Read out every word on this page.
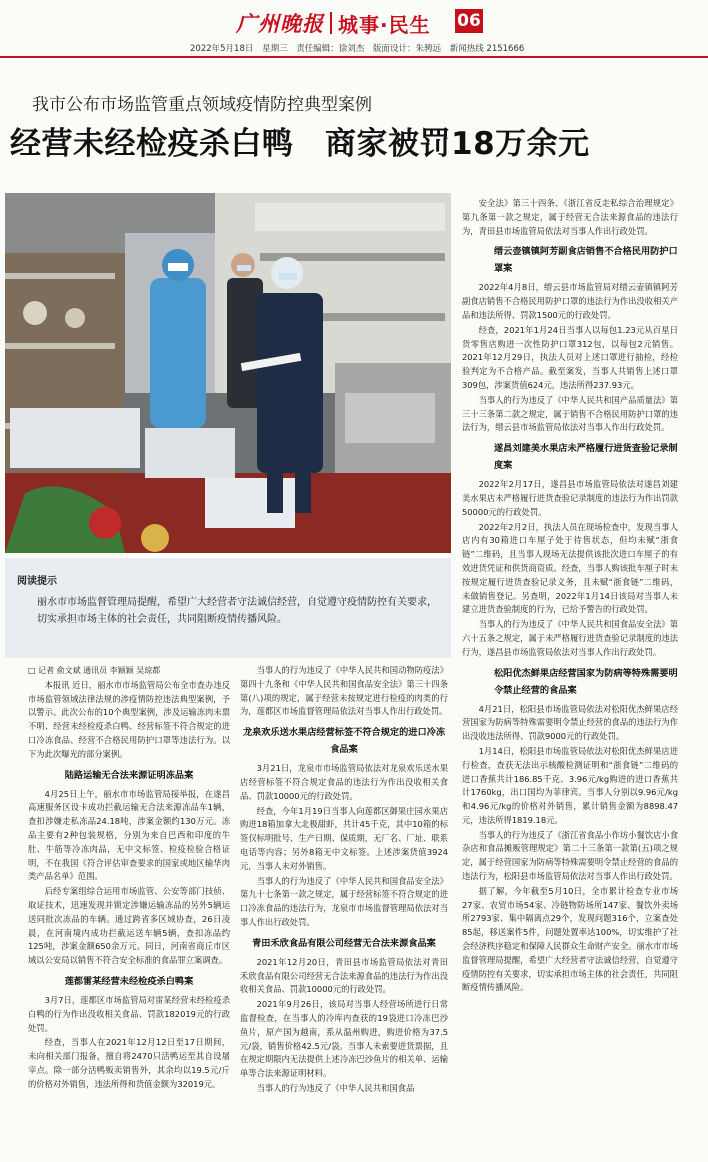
广州晚报 城事·民生 06
2022年5月18日 星期三 责任编辑：徐刘杰 版面设计：朱骋远 新闻热线 2151666
我市公布市场监管重点领域疫情防控典型案例
经营未经检疫杀白鸭　商家被罚18万余元
阅读提示
丽水市市场监督管理局提醒，希望广大经营者守法诚信经营，自觉遵守疫情防控有关要求，切实承担市场主体的社会责任，共同阻断疫情传播风险。

□ 记者 俞文斌 通讯员 李颖颖 吴琼都

本报讯 近日，丽水市市场监管局公布全市查办违反市场监管领域法律法规的涉疫情防控违法典型案例，予以警示。此次公布的10个典型案例，涉及运输冻肉未票不明、经营未经检疫杀白鸭、经营标签不符合规定的进口冷冻食品、经营不合格民用防护口罩等违法行为。以下为此次曝光的部分案例。

陆路运输无合法来源证明冻品案

4月25日上午，丽水市市场监管局接举报，在遂昌高速服务区设卡成功拦截运输无合法来源冻品车1辆，查扣涉嫌走私冻品24.18吨，涉案金额约130万元。冻品主要有2种包装规格，分别为来自巴西和印度的牛肚、牛筋等冷冻肉品，无中文标签、检疫检验合格证明，不在我国《符合评估审查要求的国家或地区输华肉类产品名单》范围。

后经专案组综合运用市场监管、公安等部门技侦、取证技术，迅速发现并锁定涉嫌运输冻品的另外5辆运送同批次冻品的车辆。通过跨省多区域协查，26日凌晨，在河南境内成功拦截运送车辆5辆，查扣冻品约125吨，涉案金额650余万元。同日，河南省商丘市区域以公安局以销售不符合安全标准的食品罪立案调查。

莲都雷某经营未经检疫杀白鸭案

3月7日，莲都区市场监管局对雷某经营未经检疫杀白鸭的行为作出没收相关食品、罚款182019元的行政处罚。

经查，当事人在2021年12月12日至17日期间，未向相关部门报备，擅自将2470只活鸭运至其自设屠宰点。除一部分活鸭贩卖销售外，其余均以19.5元/斤的价格对外销售，违法所得和货值金额为32019元。

当事人的行为违反了《中华人民共和国动物防疫法》第四十九条和《中华人民共和国食品安全法》第三十四条第(八)项的规定，属于经营未按规定进行检疫的肉类的行为，莲都区市场监督管理局依法对当事人作出行政处罚。

龙泉欢乐送水果店经营标签不符合规定的进口冷冻食品案

3月21日，龙泉市市场监管局依法对龙泉欢乐送水果店经营标签不符合规定食品的违法行为作出没收相关食品、罚款10000元的行政处罚。

经查，今年1月19日当事人向莲都区御果庄园水果店购进18箱加拿大北极甜虾，共计45千克，其中10箱的标签仅标明批号、生产日期、保质期，无厂名、厂址、联系电话等内容；另外8箱无中文标签。上述涉案货值3924元，当事人未对外销售。

当事人的行为违反了《中华人民共和国食品安全法》第九十七条第一款之规定，属于经营标签不符合规定的进口冷冻食品的违法行为，龙泉市市场监督管理局依法对当事人作出行政处罚。

青田禾欣食品有限公司经营无合法来源食品案

2021年12月20日，青田县市场监管局依法对青田禾欣食品有限公司经营无合法来源食品的违法行为作出没收相关食品、罚款10000元的行政处罚。

2021年9月26日，该局对当事人经营场所进行日常监督检查，在当事人的冷库内查获的19袋进口冷冻巴沙鱼片，原产国为越南，系从温州购进，购进价格为37.5元/袋，销售价格42.5元/袋。当事人未索要进货票据，且在规定期限内无法提供上述冷冻巴沙鱼片的相关单、运输单等合法来源证明材料。

当事人的行为违反了《中华人民共和国食品

安全法》第三十四条、《浙江省反走私综合治理规定》第九条第一款之规定，属于经营无合法来源食品的违法行为，青田县市场监管局依法对当事人作出行政处罚。

缙云壶镇镇阿芳副食店销售不合格民用防护口罩案

2022年4月8日，缙云县市场监管局对缙云壶镇镇阿芳副食店销售不合格民用防护口罩的违法行为作出没收相关产品和违法所得、罚款1500元的行政处罚。

经查，2021年1月24日当事人以每包1.23元从百星日货零售店购进一次性防护口罩312包，以每包2元销售。2021年12月29日，执法人员对上述口罩进行抽检，经检验判定为不合格产品。截至案发，当事人共销售上述口罩309包，涉案货值624元，违法所得237.93元。

当事人的行为违反了《中华人民共和国产品质量法》第三十三条第二款之规定，属于销售不合格民用防护口罩的违法行为，缙云县市场监管局依法对当事人作出行政处罚。

遂昌刘建美水果店未严格履行进货查验记录制度案

2022年2月17日，遂昌县市场监管局依法对遂昌刘建美水果店未严格履行进货查验记录制度的违法行为作出罚款50000元的行政处罚。

2022年2月2日，执法人员在现场检查中，发现当事人店内有30箱进口车厘子处于待售状态，但均未赋“浙食链”二维码，且当事人现场无法提供该批次进口车厘子的有效进货凭证和供货商资质。经查，当事人购该批车厘子时未按规定履行进货查验记录义务，且未赋“浙食链”二维码，未做销售登记。另查明，2022年1月14日该局对当事人未建立进货查验制度的行为，已给予警告的行政处罚。

当事人的行为违反了《中华人民共和国食品安全法》第六十五条之规定，属于未严格履行进货查验记录制度的违法行为，遂昌县市场监管局依法对当事人作出行政处罚。

松阳优杰鲜果店经营国家为防病等特殊需要明令禁止经营的食品案

4月21日，松阳县市场监管局依法对松阳优杰鲜果店经营国家为防病等特殊需要明令禁止经营的食品的违法行为作出没收违法所得、罚款9000元的行政处罚。

1月14日，松阳县市场监管局依法对松阳优杰鲜果店进行检查，查获无法出示核酸检测证明和“浙食链”二维码的进口香蕉共计186.85千克、3.96元/kg购进的进口香蕉共计1760kg，出口国均为菲律宾。当事人分别以9.96元/kg和4.96元/kg的价格对外销售，累计销售金额为8898.47元，违法所得1819.18元。

当事人的行为违反了《浙江省食品小作坊小餐饮店小食杂店和食品摊贩管理规定》第二十三条第一款第(五)项之规定，属于经营国家为防病等特殊需要明令禁止经营的食品的违法行为，松阳县市场监管局依法对当事人作出行政处罚。

据了解，今年截至5月10日，全市累计检查专业市场27家、农贸市场54家、冷链物防场所147家、餐饮外卖场所2793家、集中隔离点29个，发现问题316个，立案查处85起，移送案件5件，问题处置率达100%，切实维护了社会经济秩序稳定和保障人民群众生命财产安全。丽水市市场监督管理局提醒，希望广大经营者守法诚信经营，自觉遵守疫情防控有关要求，切实承担市场主体的社会责任，共同阻断疫情传播风险。
